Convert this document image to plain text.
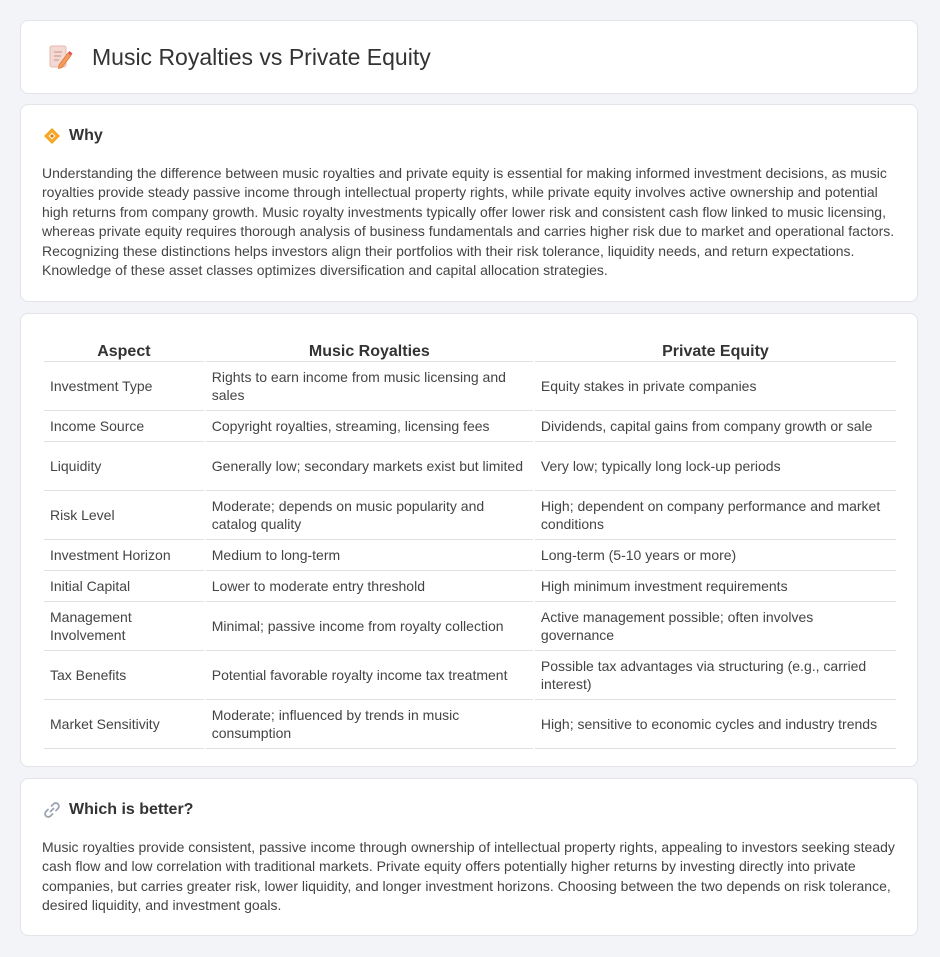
Music Royalties vs Private Equity
Why

Understanding the difference between music royalties and private equity is essential for making informed investment decisions, as music royalties provide steady passive income through intellectual property rights, while private equity involves active ownership and potential high returns from company growth. Music royalty investments typically offer lower risk and consistent cash flow linked to music licensing, whereas private equity requires thorough analysis of business fundamentals and carries higher risk due to market and operational factors. Recognizing these distinctions helps investors align their portfolios with their risk tolerance, liquidity needs, and return expectations. Knowledge of these asset classes optimizes diversification and capital allocation strategies.

Aspect	Music Royalties	Private Equity
Investment Type	Rights to earn income from music licensing and sales	Equity stakes in private companies
Income Source	Copyright royalties, streaming, licensing fees	Dividends, capital gains from company growth or sale
Liquidity	Generally low; secondary markets exist but limited	Very low; typically long lock-up periods
Risk Level	Moderate; depends on music popularity and catalog quality	High; dependent on company performance and market conditions
Investment Horizon	Medium to long-term	Long-term (5-10 years or more)
Initial Capital	Lower to moderate entry threshold	High minimum investment requirements
Management Involvement	Minimal; passive income from royalty collection	Active management possible; often involves governance
Tax Benefits	Potential favorable royalty income tax treatment	Possible tax advantages via structuring (e.g., carried interest)
Market Sensitivity	Moderate; influenced by trends in music consumption	High; sensitive to economic cycles and industry trends
Which is better?

Music royalties provide consistent, passive income through ownership of intellectual property rights, appealing to investors seeking steady cash flow and low correlation with traditional markets. Private equity offers potentially higher returns by investing directly into private companies, but carries greater risk, lower liquidity, and longer investment horizons. Choosing between the two depends on risk tolerance, desired liquidity, and investment goals.
